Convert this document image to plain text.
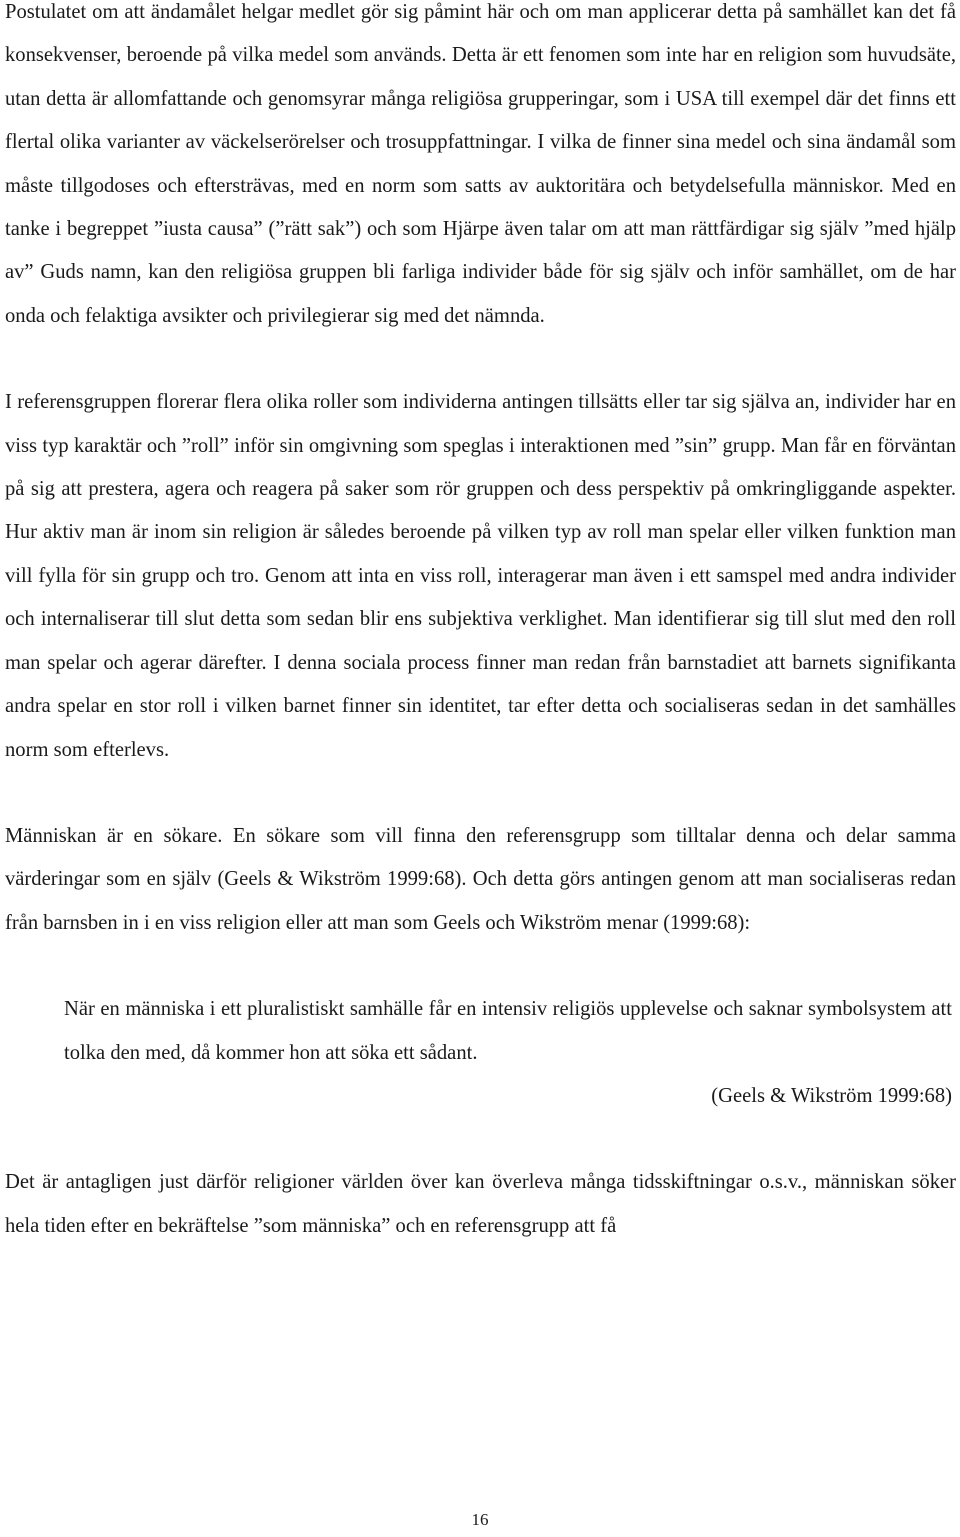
Postulatet om att ändamålet helgar medlet gör sig påmint här och om man applicerar detta på samhället kan det få konsekvenser, beroende på vilka medel som används. Detta är ett fenomen som inte har en religion som huvudsäte, utan detta är allomfattande och genomsyrar många religiösa grupperingar, som i USA till exempel där det finns ett flertal olika varianter av väckelserörelser och trosuppfattningar. I vilka de finner sina medel och sina ändamål som måste tillgodoses och eftersträvas, med en norm som satts av auktoritära och betydelsefulla människor. Med en tanke i begreppet ”iusta causa” (”rätt sak”) och som Hjärpe även talar om att man rättfärdigar sig själv ”med hjälp av” Guds namn, kan den religiösa gruppen bli farliga individer både för sig själv och inför samhället, om de har onda och felaktiga avsikter och privilegierar sig med det nämnda.

I referensgruppen florerar flera olika roller som individerna antingen tillsätts eller tar sig själva an, individer har en viss typ karaktär och ”roll” inför sin omgivning som speglas i interaktionen med ”sin” grupp. Man får en förväntan på sig att prestera, agera och reagera på saker som rör gruppen och dess perspektiv på omkringliggande aspekter. Hur aktiv man är inom sin religion är således beroende på vilken typ av roll man spelar eller vilken funktion man vill fylla för sin grupp och tro. Genom att inta en viss roll, interagerar man även i ett samspel med andra individer och internaliserar till slut detta som sedan blir ens subjektiva verklighet. Man identifierar sig till slut med den roll man spelar och agerar därefter. I denna sociala process finner man redan från barnstadiet att barnets signifikanta andra spelar en stor roll i vilken barnet finner sin identitet, tar efter detta och socialiseras sedan in det samhälles norm som efterlevs.

Människan är en sökare. En sökare som vill finna den referensgrupp som tilltalar denna och delar samma värderingar som en själv (Geels & Wikström 1999:68). Och detta görs antingen genom att man socialiseras redan från barnsben in i en viss religion eller att man som Geels och Wikström menar (1999:68):

När en människa i ett pluralistiskt samhälle får en intensiv religiös upplevelse och saknar symbolsystem att tolka den med, då kommer hon att söka ett sådant.

(Geels & Wikström 1999:68)

Det är antagligen just därför religioner världen över kan överleva många tidsskiftningar o.s.v., människan söker hela tiden efter en bekräftelse ”som människa” och en referensgrupp att få

16
